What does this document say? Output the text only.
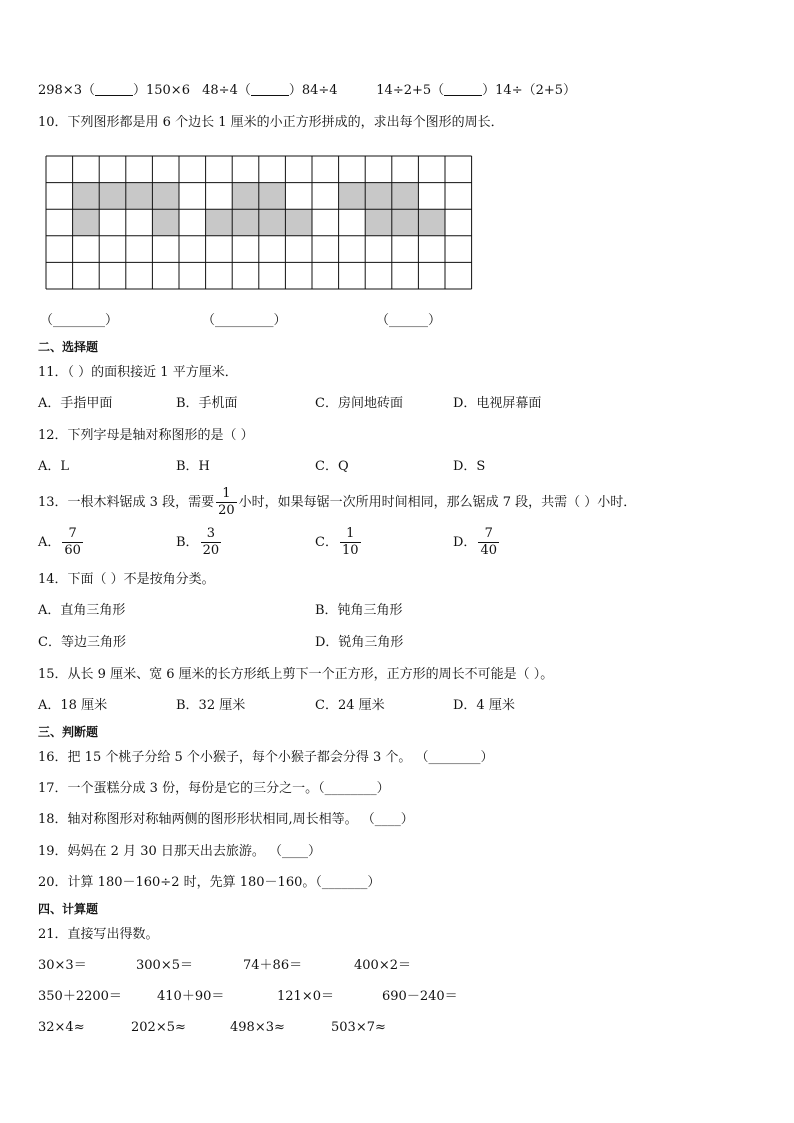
298×3（	）150×6 48÷4（	）84÷4	14÷2+5（	）14÷（2+5）
10．下列图形都是用 6 个边长 1 厘米的小正方形拼成的，求出每个图形的周长．
（________）	（_________）	（______）
二、选择题
11．（ ）的面积接近 1 平方厘米．
A．手指甲面	B．手机面	C．房间地砖面	D．电视屏幕面
12．下列字母是轴对称图形的是（ ）
A．L	B．H	C．Q	D．S
13．一根木料锯成 3 段，需要 $\frac{1}{20}$ 小时，如果每锯一次所用时间相同，那么锯成 7 段，共需（ ）小时．
A． $\frac{7}{60}$	B． $\frac{3}{20}$	C． $\frac{1}{10}$	D． $\frac{7}{40}$
14．下面（ ）不是按角分类。
A．直角三角形	B．钝角三角形
C．等边三角形	D．锐角三角形
15．从长 9 厘米、宽 6 厘米的长方形纸上剪下一个正方形，正方形的周长不可能是（ ）。
A．18 厘米	B．32 厘米	C．24 厘米	D．4 厘米
三、判断题
16．把 15 个桃子分给 5 个小猴子，每个小猴子都会分得 3 个。 （________）
17．一个蛋糕分成 3 份，每份是它的三分之一。（________）
18．轴对称图形对称轴两侧的图形形状相同,周长相等。 （____）
19．妈妈在 2 月 30 日那天出去旅游。 （____）
20．计算 180－160÷2 时，先算 180－160。（_______）
四、计算题
21．直接写出得数。
30×3＝	300×5＝	74＋86＝	400×2＝
350＋2200＝	410＋90＝	121×0＝	690－240＝
32×4≈	202×5≈	498×3≈	503×7≈
